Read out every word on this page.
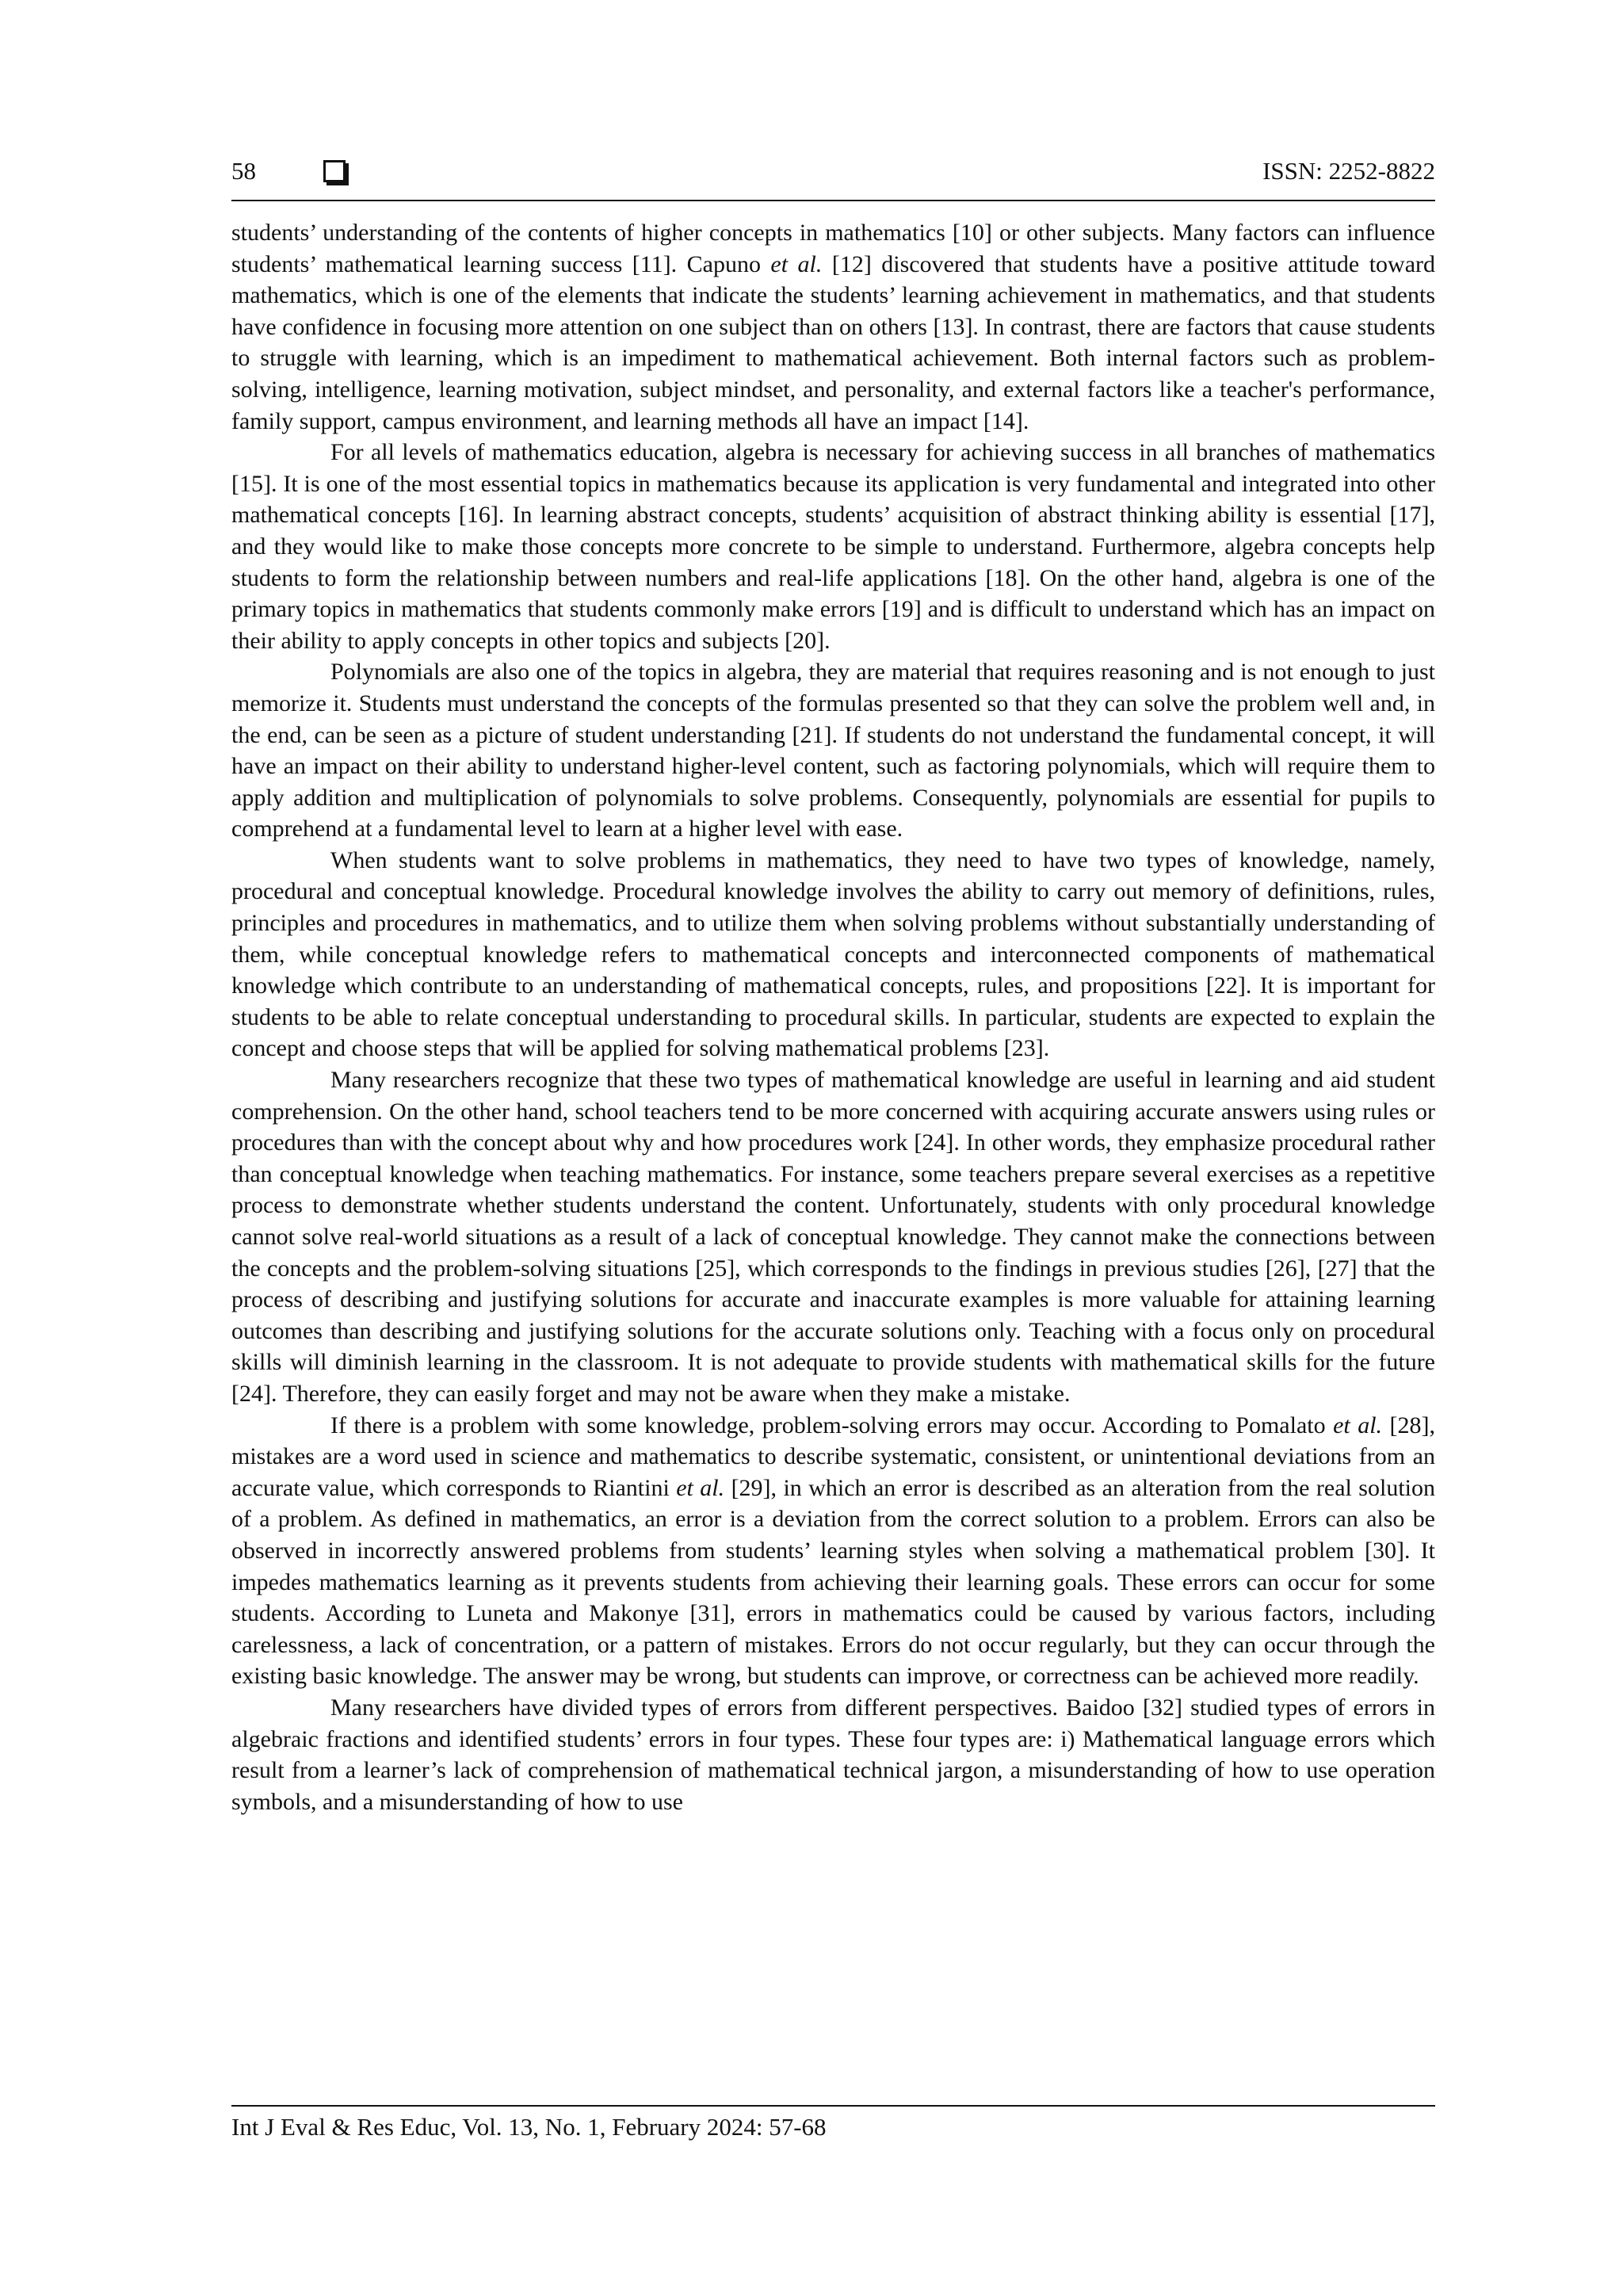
58	ISSN: 2252-8822

students’ understanding of the contents of higher concepts in mathematics [10] or other subjects. Many factors can influence students’ mathematical learning success [11]. Capuno et al. [12] discovered that students have a positive attitude toward mathematics, which is one of the elements that indicate the students’ learning achievement in mathematics, and that students have confidence in focusing more attention on one subject than on others [13]. In contrast, there are factors that cause students to struggle with learning, which is an impediment to mathematical achievement. Both internal factors such as problem-solving, intelligence, learning motivation, subject mindset, and personality, and external factors like a teacher's performance, family support, campus environment, and learning methods all have an impact [14].

For all levels of mathematics education, algebra is necessary for achieving success in all branches of mathematics [15]. It is one of the most essential topics in mathematics because its application is very fundamental and integrated into other mathematical concepts [16]. In learning abstract concepts, students’ acquisition of abstract thinking ability is essential [17], and they would like to make those concepts more concrete to be simple to understand. Furthermore, algebra concepts help students to form the relationship between numbers and real-life applications [18]. On the other hand, algebra is one of the primary topics in mathematics that students commonly make errors [19] and is difficult to understand which has an impact on their ability to apply concepts in other topics and subjects [20].

Polynomials are also one of the topics in algebra, they are material that requires reasoning and is not enough to just memorize it. Students must understand the concepts of the formulas presented so that they can solve the problem well and, in the end, can be seen as a picture of student understanding [21]. If students do not understand the fundamental concept, it will have an impact on their ability to understand higher-level content, such as factoring polynomials, which will require them to apply addition and multiplication of polynomials to solve problems. Consequently, polynomials are essential for pupils to comprehend at a fundamental level to learn at a higher level with ease.

When students want to solve problems in mathematics, they need to have two types of knowledge, namely, procedural and conceptual knowledge. Procedural knowledge involves the ability to carry out memory of definitions, rules, principles and procedures in mathematics, and to utilize them when solving problems without substantially understanding of them, while conceptual knowledge refers to mathematical concepts and interconnected components of mathematical knowledge which contribute to an understanding of mathematical concepts, rules, and propositions [22]. It is important for students to be able to relate conceptual understanding to procedural skills. In particular, students are expected to explain the concept and choose steps that will be applied for solving mathematical problems [23].

Many researchers recognize that these two types of mathematical knowledge are useful in learning and aid student comprehension. On the other hand, school teachers tend to be more concerned with acquiring accurate answers using rules or procedures than with the concept about why and how procedures work [24]. In other words, they emphasize procedural rather than conceptual knowledge when teaching mathematics. For instance, some teachers prepare several exercises as a repetitive process to demonstrate whether students understand the content. Unfortunately, students with only procedural knowledge cannot solve real-world situations as a result of a lack of conceptual knowledge. They cannot make the connections between the concepts and the problem-solving situations [25], which corresponds to the findings in previous studies [26], [27] that the process of describing and justifying solutions for accurate and inaccurate examples is more valuable for attaining learning outcomes than describing and justifying solutions for the accurate solutions only. Teaching with a focus only on procedural skills will diminish learning in the classroom. It is not adequate to provide students with mathematical skills for the future [24]. Therefore, they can easily forget and may not be aware when they make a mistake.

If there is a problem with some knowledge, problem-solving errors may occur. According to Pomalato et al. [28], mistakes are a word used in science and mathematics to describe systematic, consistent, or unintentional deviations from an accurate value, which corresponds to Riantini et al. [29], in which an error is described as an alteration from the real solution of a problem. As defined in mathematics, an error is a deviation from the correct solution to a problem. Errors can also be observed in incorrectly answered problems from students’ learning styles when solving a mathematical problem [30]. It impedes mathematics learning as it prevents students from achieving their learning goals. These errors can occur for some students. According to Luneta and Makonye [31], errors in mathematics could be caused by various factors, including carelessness, a lack of concentration, or a pattern of mistakes. Errors do not occur regularly, but they can occur through the existing basic knowledge. The answer may be wrong, but students can improve, or correctness can be achieved more readily.

Many researchers have divided types of errors from different perspectives. Baidoo [32] studied types of errors in algebraic fractions and identified students’ errors in four types. These four types are: i) Mathematical language errors which result from a learner’s lack of comprehension of mathematical technical jargon, a misunderstanding of how to use operation symbols, and a misunderstanding of how to use

Int J Eval & Res Educ, Vol. 13, No. 1, February 2024: 57-68
